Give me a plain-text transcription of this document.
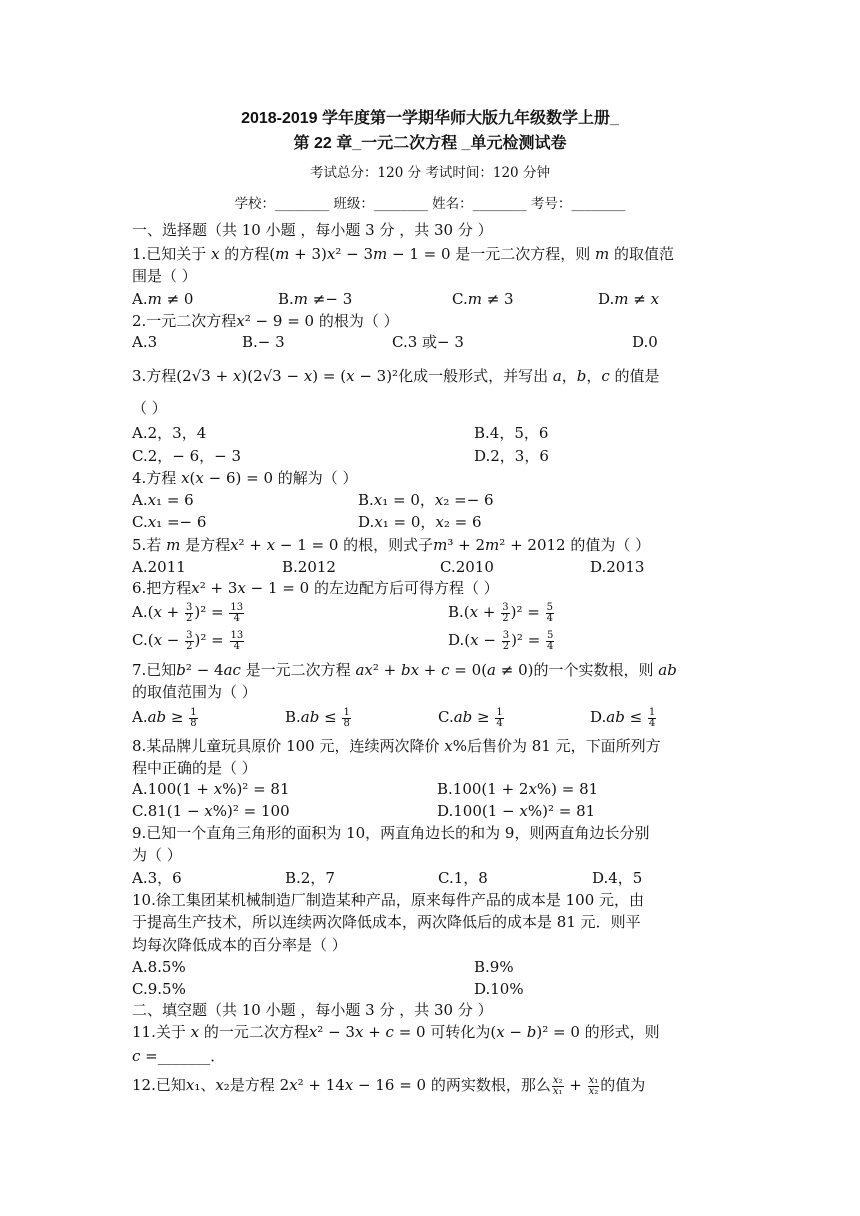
2018-2019 学年度第一学期华师大版九年级数学上册_
第 22 章_一元二次方程 _单元检测试卷
考试总分：120 分 考试时间：120 分钟
学校：________ 班级：________ 姓名：________ 考号：________
一、选择题（共 10 小题 ，每小题 3 分 ，共 30 分 ）
1.已知关于 𝑥 的方程(𝑚 + 3)𝑥² − 3𝑚 − 1 = 0 是一元二次方程，则 𝑚 的取值范
围是（ ）
A.𝑚 ≠ 0	B.𝑚 ≠− 3	C.𝑚 ≠ 3	D.𝑚 ≠ 𝑥
2.一元二次方程𝑥² − 9 = 0 的根为（ ）
A.3	B.− 3	C.3 或− 3	D.0
3.方程(2√3 + 𝑥)(2√3 − 𝑥) = (𝑥 − 3)²化成一般形式，并写出 𝑎，𝑏，𝑐 的值是
（ ）
A.2，3，4	B.4，5，6
C.2，− 6，− 3	D.2，3，6
4.方程 𝑥(𝑥 − 6) = 0 的解为（ ）
A.𝑥₁ = 6	B.𝑥₁ = 0，𝑥₂ =− 6
C.𝑥₁ =− 6	D.𝑥₁ = 0，𝑥₂ = 6
5.若 𝑚 是方程𝑥² + 𝑥 − 1 = 0 的根，则式子𝑚³ + 2𝑚² + 2012 的值为（ ）
A.2011	B.2012	C.2010	D.2013
6.把方程𝑥² + 3𝑥 − 1 = 0 的左边配方后可得方程（ ）
A.(𝑥 + $\frac{3}{2} )^2 = \frac{13}{4}$	B.(𝑥 + $\frac{3}{2} )^2 = \frac{5}{4}$
C.(𝑥 − $\frac{3}{2} )^2 = \frac{13}{4}$	D.(𝑥 − $\frac{3}{2} )^2 = \frac{5}{4}$
7.已知𝑏² − 4𝑎𝑐 是一元二次方程 𝑎𝑥² + 𝑏𝑥 + 𝑐 = 0(𝑎 ≠ 0)的一个实数根，则 𝑎𝑏
的取值范围为（ ）
A.𝑎𝑏 ≥ $\frac{1}{8}$	B.𝑎𝑏 ≤ $\frac{1}{8}$	C.𝑎𝑏 ≥ $\frac{1}{4}$	D.𝑎𝑏 ≤ $\frac{1}{4}$
8.某品牌儿童玩具原价 100 元，连续两次降价 𝑥%后售价为 81 元，下面所列方
程中正确的是（ ）
A.100(1 + 𝑥%)² = 81	B.100(1 + 2𝑥%) = 81
C.81(1 − 𝑥%)² = 100	D.100(1 − 𝑥%)² = 81
9.已知一个直角三角形的面积为 10，两直角边长的和为 9，则两直角边长分别
为（ ）
A.3，6	B.2，7	C.1，8	D.4，5
10.徐工集团某机械制造厂制造某种产品，原来每件产品的成本是 100 元，由
于提高生产技术，所以连续两次降低成本，两次降低后的成本是 81 元．则平
均每次降低成本的百分率是（ ）
A.8.5%	B.9%
C.9.5%	D.10%
二、填空题（共 10 小题 ，每小题 3 分 ，共 30 分 ）
11.关于 𝑥 的一元二次方程𝑥² − 3𝑥 + 𝑐 = 0 可转化为(𝑥 − 𝑏)² = 0 的形式，则
𝑐 =_______．
12.已知𝑥₁、𝑥₂是方程 2𝑥² + 14𝑥 − 16 = 0 的两实数根，那么 $\frac{\text{𝑥₂}}{\text{𝑥₁}} + \frac{\text{𝑥₁}}{\text{𝑥₂}}$ 的值为
